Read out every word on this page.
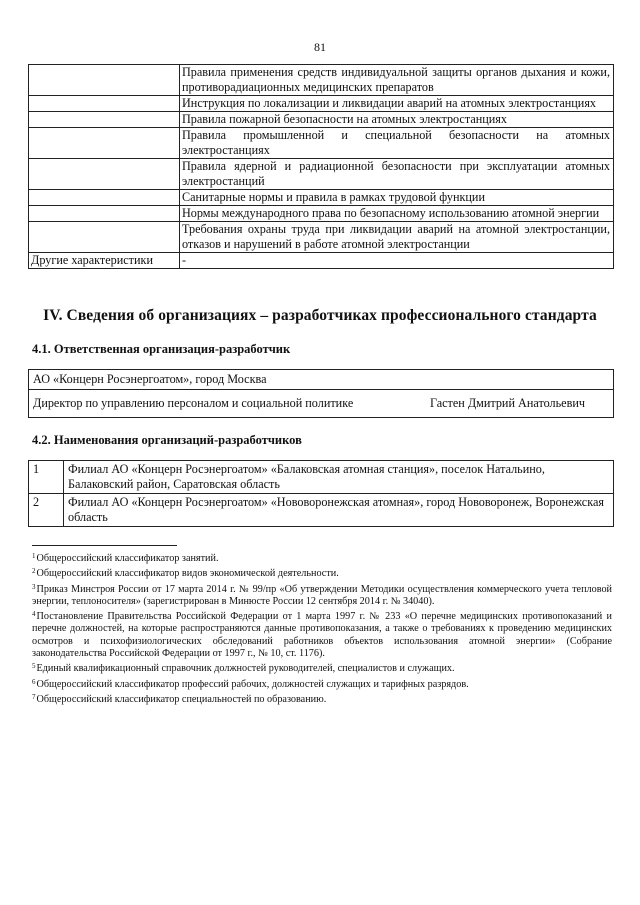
81
	Правила применения средств индивидуальной защиты органов дыхания и кожи, противорадиационных медицинских препаратов
	Инструкция по локализации и ликвидации аварий на атомных электростанциях
	Правила пожарной безопасности на атомных электростанциях
	Правила промышленной и специальной безопасности на атомных электростанциях
	Правила ядерной и радиационной безопасности при эксплуатации атомных электростанций
	Санитарные нормы и правила в рамках трудовой функции
	Нормы международного права по безопасному использованию атомной энергии
	Требования охраны труда при ликвидации аварий на атомной электростанции, отказов и нарушений в работе атомной электростанции
Другие характеристики	-
IV. Сведения об организациях – разработчиках профессионального стандарта
4.1. Ответственная организация-разработчик
АО «Концерн Росэнергоатом», город Москва

Директор по управлению персоналом и социальной политике	Гастен Дмитрий Анатольевич
4.2. Наименования организаций-разработчиков
1	Филиал АО «Концерн Росэнергоатом» «Балаковская атомная станция», поселок Натальино, Балаковский район, Саратовская область
2	Филиал АО «Концерн Росэнергоатом» «Нововоронежская атомная», город Нововоронеж, Воронежская область

$^1$Общероссийский классификатор занятий.

$^2$Общероссийский классификатор видов экономической деятельности.

$^3$Приказ Минстроя России от 17 марта 2014 г. № 99/пр «Об утверждении Методики осуществления коммерческого учета тепловой энергии, теплоносителя» (зарегистрирован в Минюсте России 12 сентября 2014 г. № 34040).

$^4$Постановление Правительства Российской Федерации от 1 марта 1997 г. № 233 «О перечне медицинских противопоказаний и перечне должностей, на которые распространяются данные противопоказания, а также о требованиях к проведению медицинских осмотров и психофизиологических обследований работников объектов использования атомной энергии» (Собрание законодательства Российской Федерации от 1997 г., № 10, ст. 1176).

$^5$Единый квалификационный справочник должностей руководителей, специалистов и служащих.

$^6$Общероссийский классификатор профессий рабочих, должностей служащих и тарифных разрядов.

$^7$Общероссийский классификатор специальностей по образованию.
